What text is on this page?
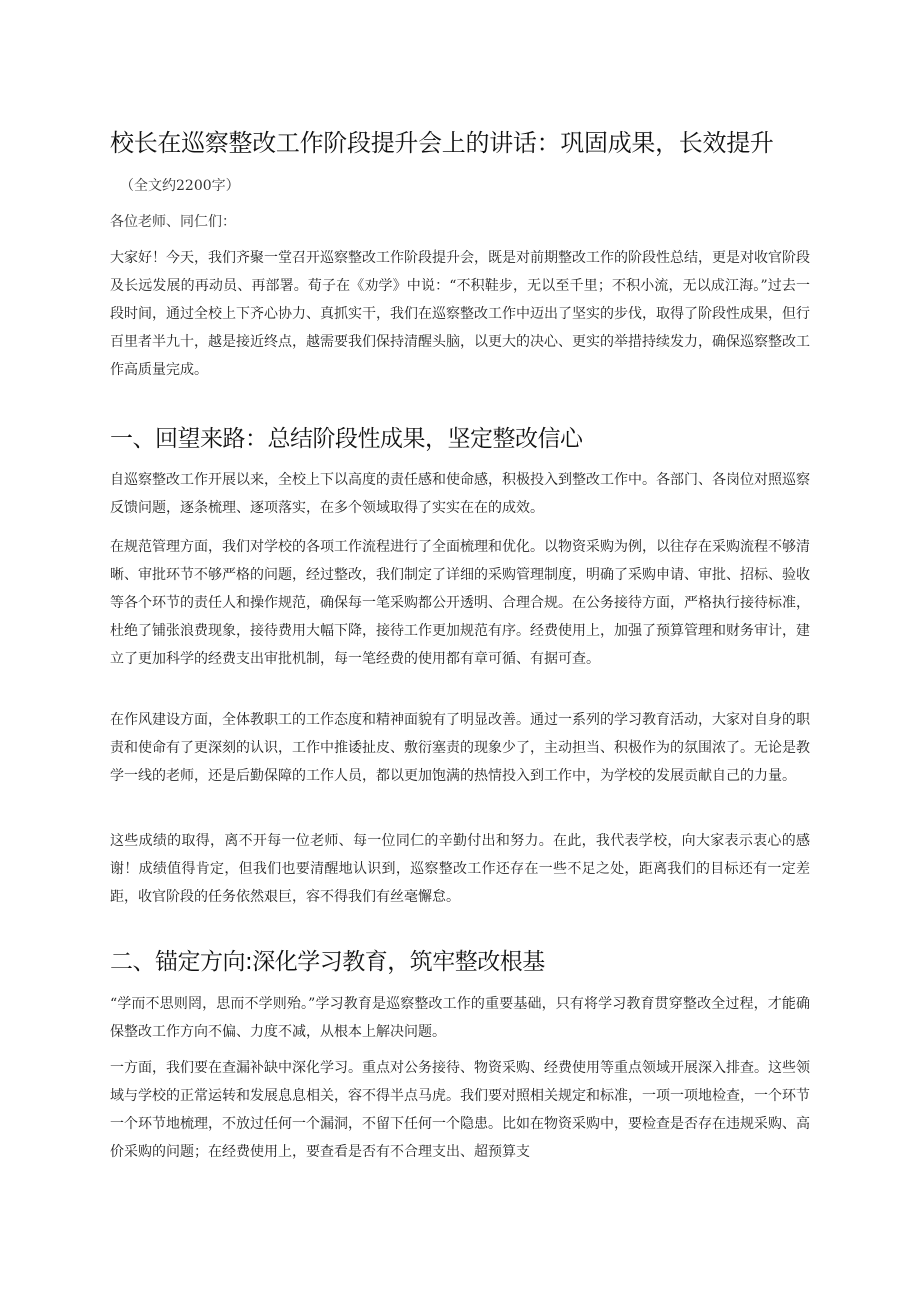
校长在巡察整改工作阶段提升会上的讲话：巩固成果，长效提升

（全文约2200字）

各位老师、同仁们：

大家好！今天，我们齐聚一堂召开巡察整改工作阶段提升会，既是对前期整改工作的阶段性总结，更是对收官阶段及长远发展的再动员、再部署。荀子在《劝学》中说：“不积鞋步，无以至千里；不积小流，无以成江海。”过去一段时间，通过全校上下齐心协力、真抓实干，我们在巡察整改工作中迈出了坚实的步伐，取得了阶段性成果，但行百里者半九十，越是接近终点，越需要我们保持清醒头脑，以更大的决心、更实的举措持续发力，确保巡察整改工作高质量完成。

一、回望来路：总结阶段性成果，坚定整改信心

自巡察整改工作开展以来，全校上下以高度的责任感和使命感，积极投入到整改工作中。各部门、各岗位对照巡察反馈问题，逐条梳理、逐项落实，在多个领域取得了实实在在的成效。

在规范管理方面，我们对学校的各项工作流程进行了全面梳理和优化。以物资采购为例，以往存在采购流程不够清晰、审批环节不够严格的问题，经过整改，我们制定了详细的采购管理制度，明确了采购申请、审批、招标、验收等各个环节的责任人和操作规范，确保每一笔采购都公开透明、合理合规。在公务接待方面，严格执行接待标准，杜绝了铺张浪费现象，接待费用大幅下降，接待工作更加规范有序。经费使用上，加强了预算管理和财务审计，建立了更加科学的经费支出审批机制，每一笔经费的使用都有章可循、有据可查。

在作风建设方面，全体教职工的工作态度和精神面貌有了明显改善。通过一系列的学习教育活动，大家对自身的职责和使命有了更深刻的认识，工作中推诿扯皮、敷衍塞责的现象少了，主动担当、积极作为的氛围浓了。无论是教学一线的老师，还是后勤保障的工作人员，都以更加饱满的热情投入到工作中，为学校的发展贡献自己的力量。

这些成绩的取得，离不开每一位老师、每一位同仁的辛勤付出和努力。在此，我代表学校，向大家表示衷心的感谢！成绩值得肯定，但我们也要清醒地认识到，巡察整改工作还存在一些不足之处，距离我们的目标还有一定差距，收官阶段的任务依然艰巨，容不得我们有丝毫懈怠。

二、锚定方向:深化学习教育，筑牢整改根基

“学而不思则罔，思而不学则殆。”学习教育是巡察整改工作的重要基础，只有将学习教育贯穿整改全过程，才能确保整改工作方向不偏、力度不减，从根本上解决问题。

一方面，我们要在查漏补缺中深化学习。重点对公务接待、物资采购、经费使用等重点领域开展深入排查。这些领域与学校的正常运转和发展息息相关，容不得半点马虎。我们要对照相关规定和标准，一项一项地检查，一个环节一个环节地梳理，不放过任何一个漏洞，不留下任何一个隐患。比如在物资采购中，要检查是否存在违规采购、高价采购的问题；在经费使用上，要查看是否有不合理支出、超预算支
